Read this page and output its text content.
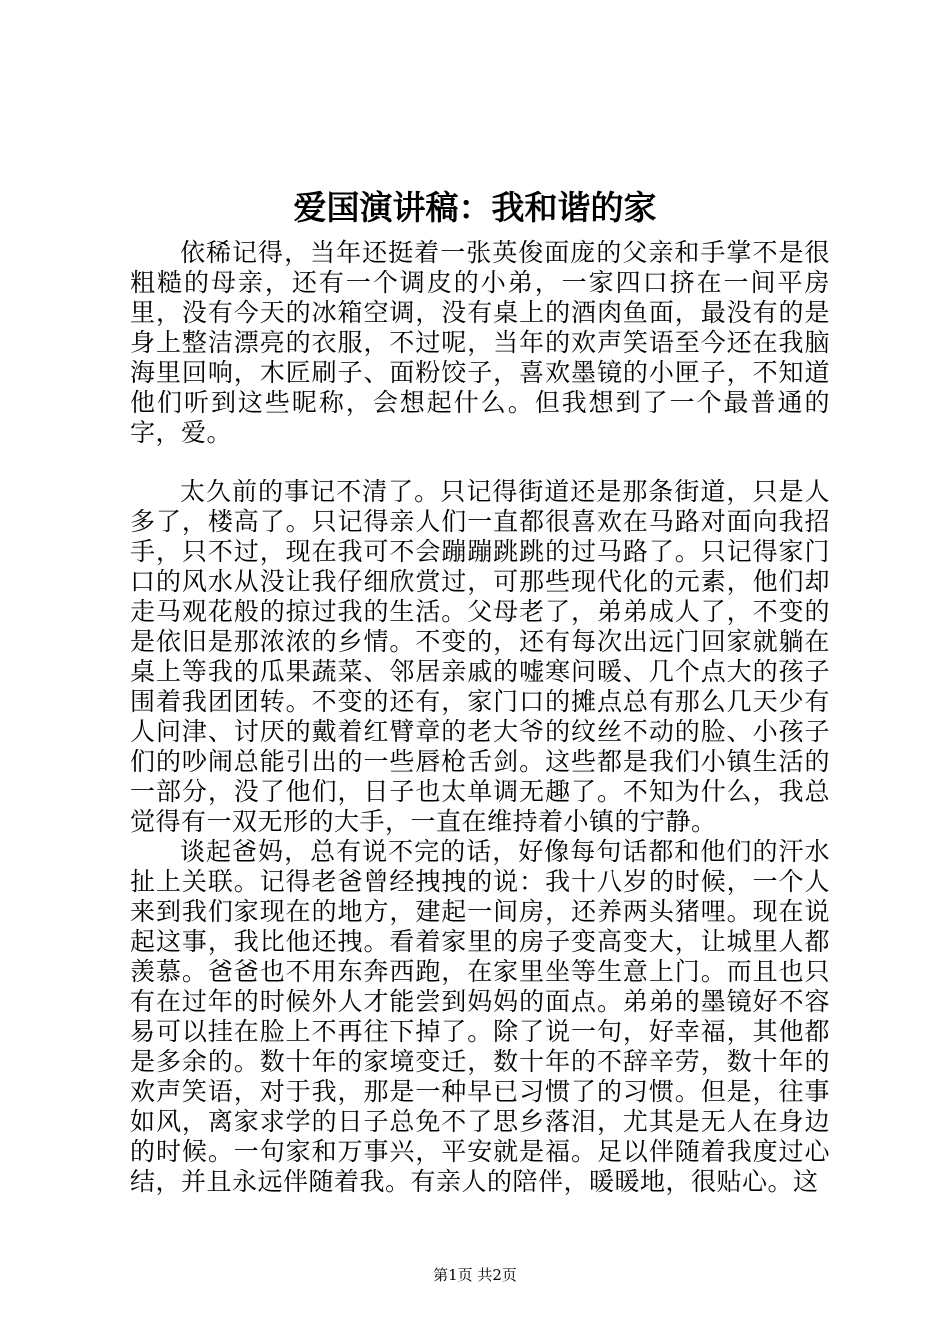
爱国演讲稿：我和谐的家

依稀记得，当年还挺着一张英俊面庞的父亲和手掌不是很粗糙的母亲，还有一个调皮的小弟，一家四口挤在一间平房里，没有今天的冰箱空调，没有桌上的酒肉鱼面，最没有的是身上整洁漂亮的衣服，不过呢，当年的欢声笑语至今还在我脑海里回响，木匠刷子、面粉饺子，喜欢墨镜的小匣子，不知道他们听到这些昵称，会想起什么。但我想到了一个最普通的字，爱。

太久前的事记不清了。只记得街道还是那条街道，只是人多了，楼高了。只记得亲人们一直都很喜欢在马路对面向我招手，只不过，现在我可不会蹦蹦跳跳的过马路了。只记得家门口的风水从没让我仔细欣赏过，可那些现代化的元素，他们却走马观花般的掠过我的生活。父母老了，弟弟成人了，不变的是依旧是那浓浓的乡情。不变的，还有每次出远门回家就躺在桌上等我的瓜果蔬菜、邻居亲戚的嘘寒问暖、几个点大的孩子围着我团团转。不变的还有，家门口的摊点总有那么几天少有人问津、讨厌的戴着红臂章的老大爷的纹丝不动的脸、小孩子们的吵闹总能引出的一些唇枪舌剑。这些都是我们小镇生活的一部分，没了他们，日子也太单调无趣了。不知为什么，我总觉得有一双无形的大手，一直在维持着小镇的宁静。

谈起爸妈，总有说不完的话，好像每句话都和他们的汗水扯上关联。记得老爸曾经拽拽的说：我十八岁的时候，一个人来到我们家现在的地方，建起一间房，还养两头猪哩。现在说起这事，我比他还拽。看着家里的房子变高变大，让城里人都羡慕。爸爸也不用东奔西跑，在家里坐等生意上门。而且也只有在过年的时候外人才能尝到妈妈的面点。弟弟的墨镜好不容易可以挂在脸上不再往下掉了。除了说一句，好幸福，其他都是多余的。数十年的家境变迁，数十年的不辞辛劳，数十年的欢声笑语，对于我，那是一种早已习惯了的习惯。但是，往事如风，离家求学的日子总免不了思乡落泪，尤其是无人在身边的时候。一句家和万事兴，平安就是福。足以伴随着我度过心结，并且永远伴随着我。有亲人的陪伴，暖暖地，很贴心。这

第1页 共2页
